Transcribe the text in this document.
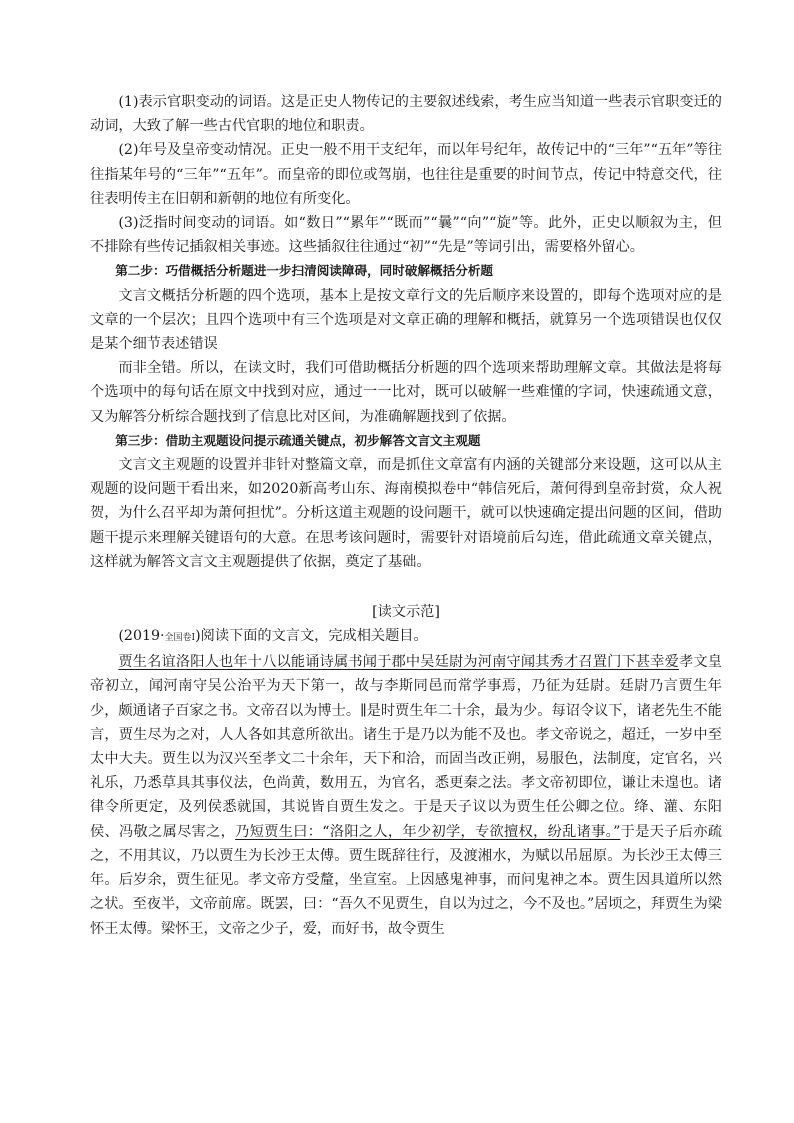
(1)表示官职变动的词语。这是正史人物传记的主要叙述线索，考生应当知道一些表示官职变迁的动词，大致了解一些古代官职的地位和职责。

(2)年号及皇帝变动情况。正史一般不用干支纪年，而以年号纪年，故传记中的“三年”“五年”等往往指某年号的“三年”“五年”。而皇帝的即位或驾崩，也往往是重要的时间节点，传记中特意交代，往往表明传主在旧朝和新朝的地位有所变化。

(3)泛指时间变动的词语。如“数日”“累年”“既而”“曩”“向”“旋”等。此外，正史以顺叙为主，但不排除有些传记插叙相关事迹。这些插叙往往通过“初”“先是”等词引出，需要格外留心。

第二步：巧借概括分析题进一步扫清阅读障碍，同时破解概括分析题

文言文概括分析题的四个选项，基本上是按文章行文的先后顺序来设置的，即每个选项对应的是文章的一个层次；且四个选项中有三个选项是对文章正确的理解和概括，就算另一个选项错误也仅仅是某个细节表述错误

而非全错。所以，在读文时，我们可借助概括分析题的四个选项来帮助理解文章。其做法是将每个选项中的每句话在原文中找到对应，通过一一比对，既可以破解一些难懂的字词，快速疏通文意，又为解答分析综合题找到了信息比对区间，为准确解题找到了依据。

第三步：借助主观题设问提示疏通关键点，初步解答文言文主观题

文言文主观题的设置并非针对整篇文章，而是抓住文章富有内涵的关键部分来设题，这可以从主观题的设问题干看出来，如2020新高考山东、海南模拟卷中“韩信死后，萧何得到皇帝封赏，众人祝贺，为什么召平却为萧何担忧”。分析这道主观题的设问题干，就可以快速确定提出问题的区间，借助题干提示来理解关键语句的大意。在思考该问题时，需要针对语境前后勾连，借此疏通文章关键点，这样就为解答文言文主观题提供了依据，奠定了基础。

[读文示范]

(2019·全国卷Ⅰ)阅读下面的文言文，完成相关题目。

贾生名谊洛阳人也年十八以能诵诗属书闻于郡中吴廷尉为河南守闻其秀才召置门下甚幸爱孝文皇帝初立，闻河南守吴公治平为天下第一，故与李斯同邑而常学事焉，乃征为廷尉。廷尉乃言贾生年少，颇通诸子百家之书。文帝召以为博士。∥是时贾生年二十余，最为少。每诏令议下，诸老先生不能言，贾生尽为之对，人人各如其意所欲出。诸生于是乃以为能不及也。孝文帝说之，超迁，一岁中至太中大夫。贾生以为汉兴至孝文二十余年，天下和洽，而固当改正朔，易服色，法制度，定官名，兴礼乐，乃悉草具其事仪法，色尚黄，数用五，为官名，悉更秦之法。孝文帝初即位，谦让未遑也。诸律令所更定，及列侯悉就国，其说皆自贾生发之。于是天子议以为贾生任公卿之位。绛、灌、东阳侯、冯敬之属尽害之，乃短贾生曰：“洛阳之人，年少初学，专欲擅权，纷乱诸事。”于是天子后亦疏之，不用其议，乃以贾生为长沙王太傅。贾生既辞往行，及渡湘水，为赋以吊屈原。为长沙王太傅三年。后岁余，贾生征见。孝文帝方受釐，坐宣室。上因感鬼神事，而问鬼神之本。贾生因具道所以然之状。至夜半，文帝前席。既罢，曰：“吾久不见贾生，自以为过之，今不及也。”居顷之，拜贾生为梁怀王太傅。梁怀王，文帝之少子，爱，而好书，故令贾生
